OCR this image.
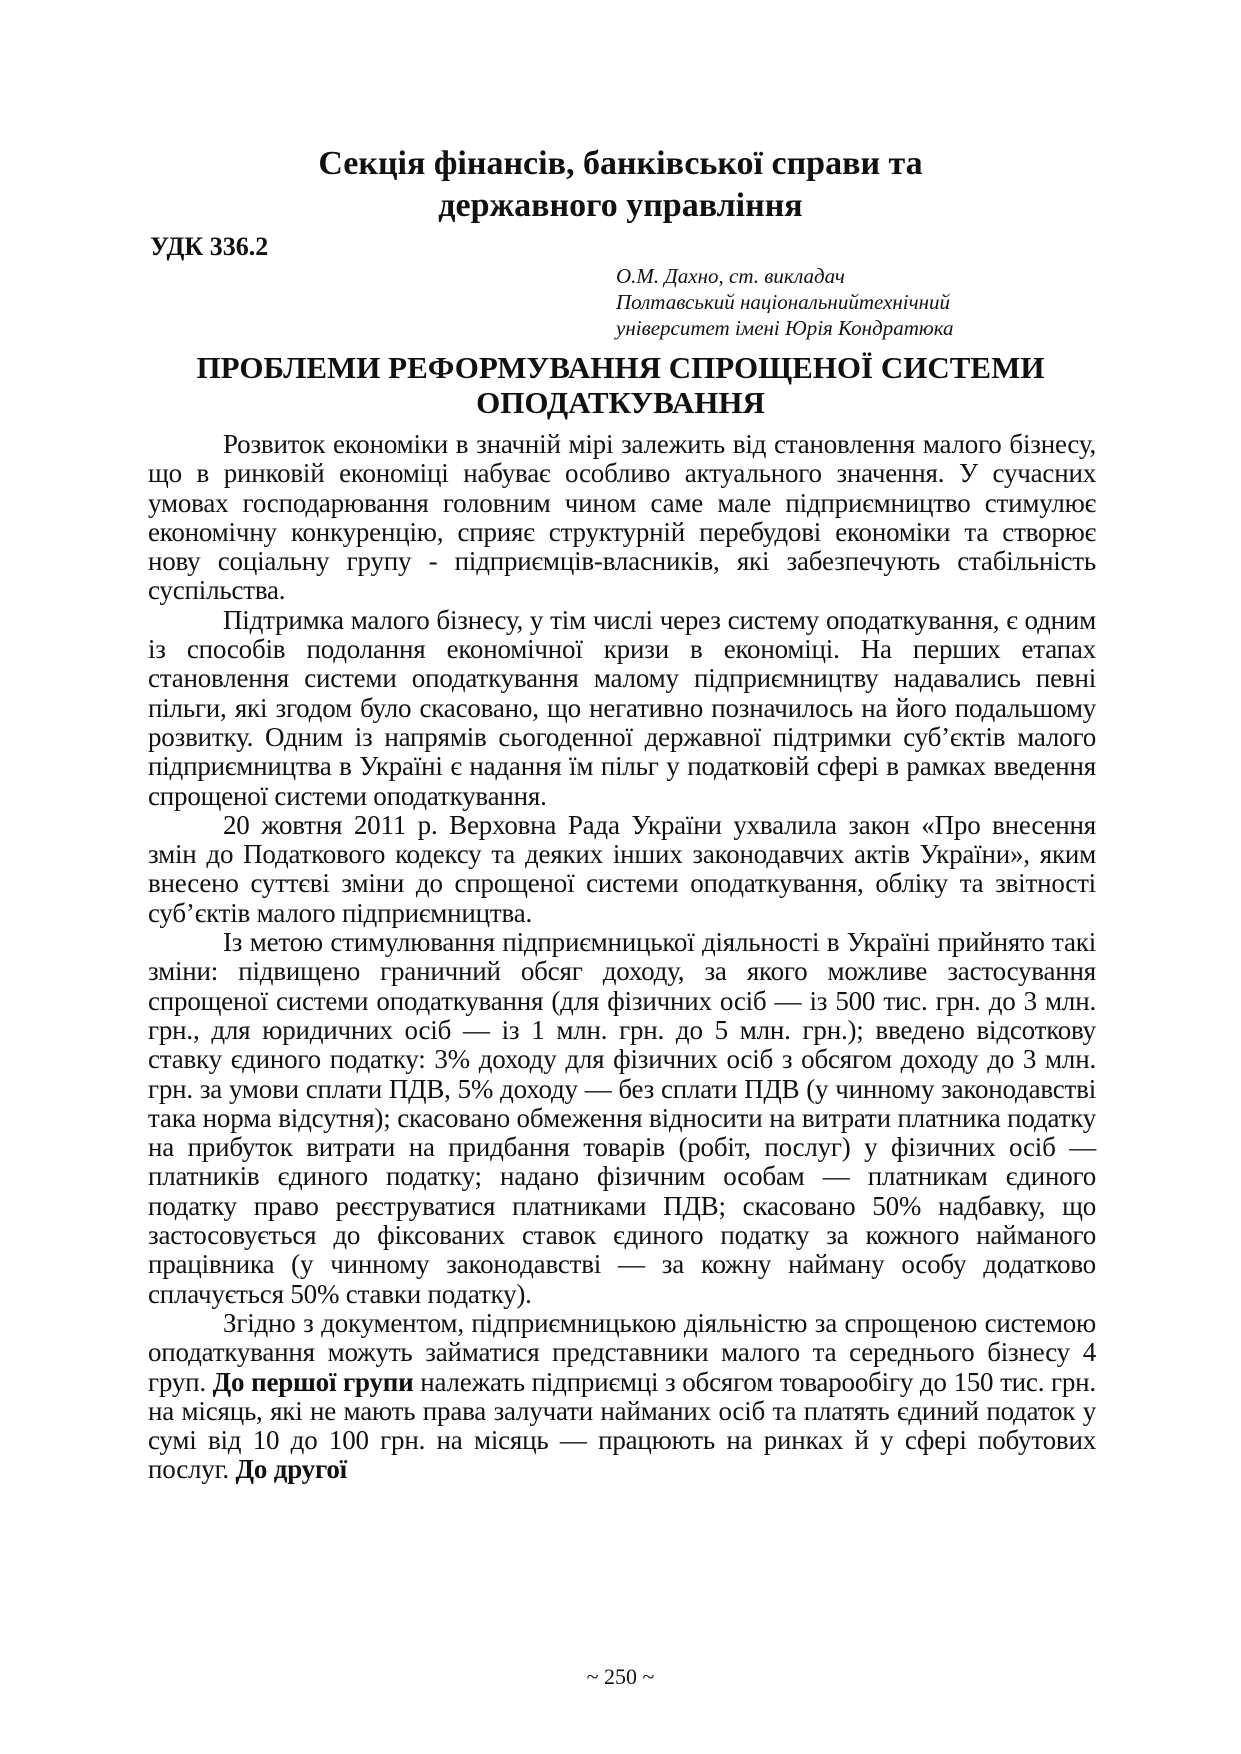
Секція фінансів, банківської справи та
державного управління
УДК 336.2
О.М. Дахно, ст. викладач
Полтавський національнийтехнічний
університет імені Юрія Кондратюка
ПРОБЛЕМИ РЕФОРМУВАННЯ СПРОЩЕНОЇ СИСТЕМИ
ОПОДАТКУВАННЯ

Розвиток економіки в значній мірі залежить від становлення малого бізнесу, що в ринковій економіці набуває особливо актуального значення. У сучасних умовах господарювання головним чином саме мале підприємництво стимулює економічну конкуренцію, сприяє структурній перебудові економіки та створює нову соціальну групу - підприємців-власників, які забезпечують стабільність суспільства.

Підтримка малого бізнесу, у тім числі через систему оподаткування, є одним із способів подолання економічної кризи в економіці. На перших етапах становлення системи оподаткування малому підприємництву надавались певні пільги, які згодом було скасовано, що негативно позначилось на його подальшому розвитку. Одним із напрямів сьогоденної державної підтримки суб’єктів малого підприємництва в Україні є надання їм пільг у податковій сфері в рамках введення спрощеної системи оподаткування.

20 жовтня 2011 р. Верховна Рада України ухвалила закон «Про внесення змін до Податкового кодексу та деяких інших законодавчих актів України», яким внесено суттєві зміни до спрощеної системи оподаткування, обліку та звітності суб’єктів малого підприємництва.

Із метою стимулювання підприємницької діяльності в Україні прийнято такі зміни: підвищено граничний обсяг доходу, за якого можливе застосування спрощеної системи оподаткування (для фізичних осіб — із 500 тис. грн. до 3 млн. грн., для юридичних осіб — із 1 млн. грн. до 5 млн. грн.); введено відсоткову ставку єдиного податку: 3% доходу для фізичних осіб з обсягом доходу до 3 млн. грн. за умови сплати ПДВ, 5% доходу — без сплати ПДВ (у чинному законодавстві така норма відсутня); скасовано обмеження відносити на витрати платника податку на прибуток витрати на придбання товарів (робіт, послуг) у фізичних осіб — платників єдиного податку; надано фізичним особам — платникам єдиного податку право реєструватися платниками ПДВ; скасовано 50% надбавку, що застосовується до фіксованих ставок єдиного податку за кожного найманого працівника (у чинному законодавстві — за кожну найману особу додатково сплачується 50% ставки податку).

Згідно з документом, підприємницькою діяльністю за спрощеною системою оподаткування можуть займатися представники малого та середнього бізнесу 4 груп. До першої групи належать підприємці з обсягом товарообігу до 150 тис. грн. на місяць, які не мають права залучати найманих осіб та платять єдиний податок у сумі від 10 до 100 грн. на місяць — працюють на ринках й у сфері побутових послуг. До другої

~ 250 ~
